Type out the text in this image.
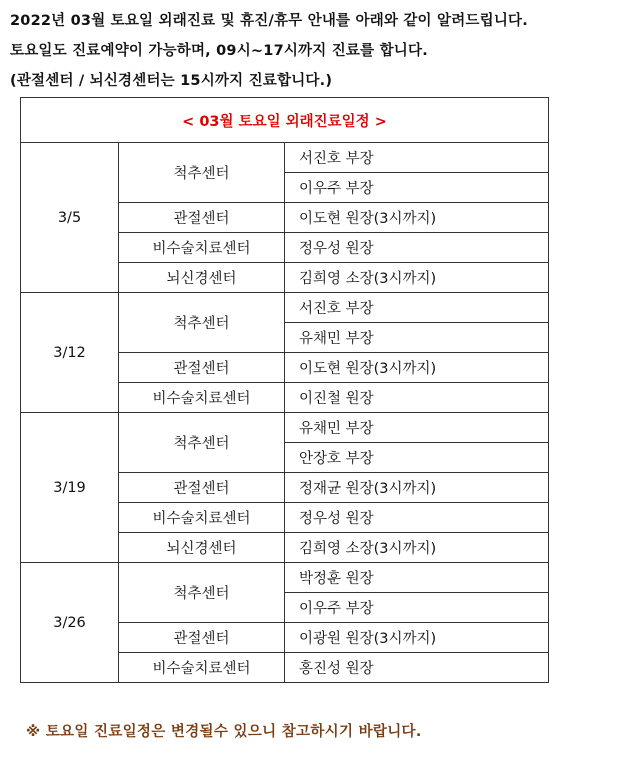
2022년 03월 토요일 외래진료 및 휴진/휴무 안내를 아래와 같이 알려드립니다.

토요일도 진료예약이 가능하며, 09시~17시까지 진료를 합니다.

(관절센터 / 뇌신경센터는 15시까지 진료합니다.)

< 03월 토요일 외래진료일정 >		
3/5	척추센터	서진호 부장
		이우주 부장
	관절센터	이도현 원장(3시까지)
	비수술치료센터	정우성 원장
	뇌신경센터	김희영 소장(3시까지)
3/12	척추센터	서진호 부장
		유채민 부장
	관절센터	이도현 원장(3시까지)
	비수술치료센터	이진철 원장
3/19	척추센터	유채민 부장
		안장호 부장
	관절센터	정재균 원장(3시까지)
	비수술치료센터	정우성 원장
	뇌신경센터	김희영 소장(3시까지)
3/26	척추센터	박정훈 원장
		이우주 부장
	관절센터	이광원 원장(3시까지)
	비수술치료센터	홍진성 원장
※ 토요일 진료일정은 변경될수 있으니 참고하시기 바랍니다.
